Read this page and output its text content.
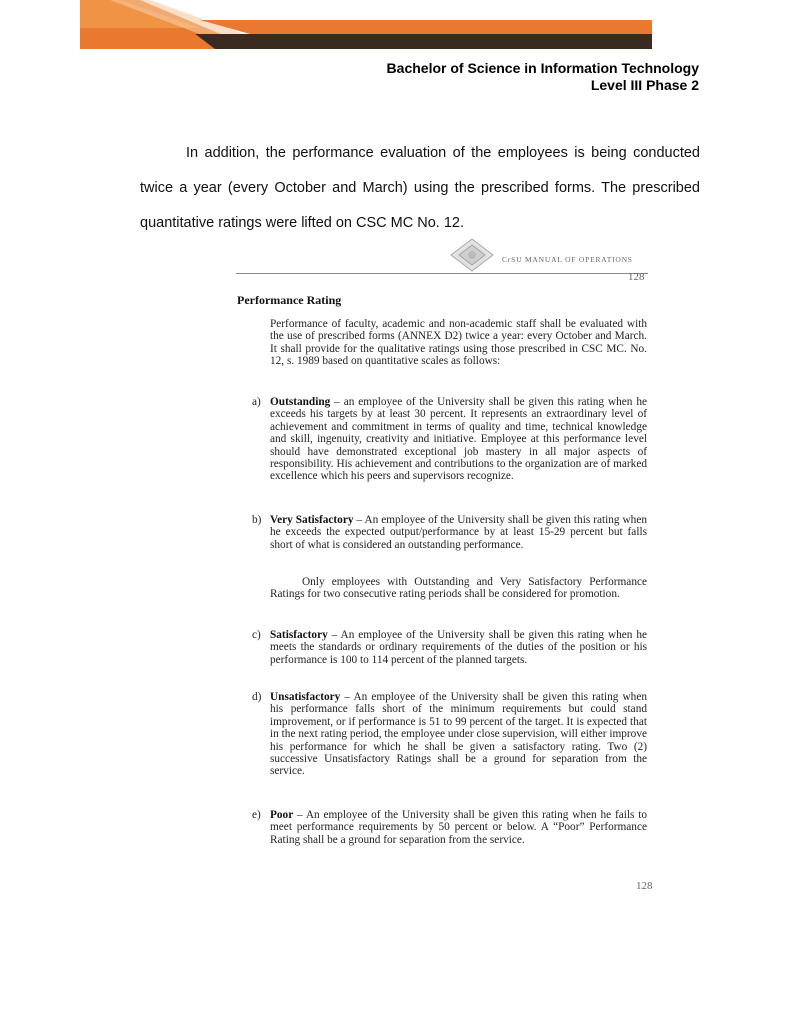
Bachelor of Science in Information Technology
Level III Phase 2

In addition, the performance evaluation of the employees is being conducted twice a year (every October and March) using the prescribed forms. The prescribed quantitative ratings were lifted on CSC MC No. 12.

CrSU MANUAL OF OPERATIONS
128
Performance Rating

Performance of faculty, academic and non-academic staff shall be evaluated with the use of prescribed forms (ANNEX D2) twice a year: every October and March. It shall provide for the qualitative ratings using those prescribed in CSC MC. No. 12, s. 1989 based on quantitative scales as follows:

a) Outstanding – an employee of the University shall be given this rating when he exceeds his targets by at least 30 percent. It represents an extraordinary level of achievement and commitment in terms of quality and time, technical knowledge and skill, ingenuity, creativity and initiative. Employee at this performance level should have demonstrated exceptional job mastery in all major aspects of responsibility. His achievement and contributions to the organization are of marked excellence which his peers and supervisors recognize.
b) Very Satisfactory – An employee of the University shall be given this rating when he exceeds the expected output/performance by at least 15-29 percent but falls short of what is considered an outstanding performance.

Only employees with Outstanding and Very Satisfactory Performance Ratings for two consecutive rating periods shall be considered for promotion.

c) Satisfactory – An employee of the University shall be given this rating when he meets the standards or ordinary requirements of the duties of the position or his performance is 100 to 114 percent of the planned targets.
d) Unsatisfactory – An employee of the University shall be given this rating when his performance falls short of the minimum requirements but could stand improvement, or if performance is 51 to 99 percent of the target. It is expected that in the next rating period, the employee under close supervision, will either improve his performance for which he shall be given a satisfactory rating. Two (2) successive Unsatisfactory Ratings shall be a ground for separation from the service.
e) Poor – An employee of the University shall be given this rating when he fails to meet performance requirements by 50 percent or below. A “Poor” Performance Rating shall be a ground for separation from the service.
128
